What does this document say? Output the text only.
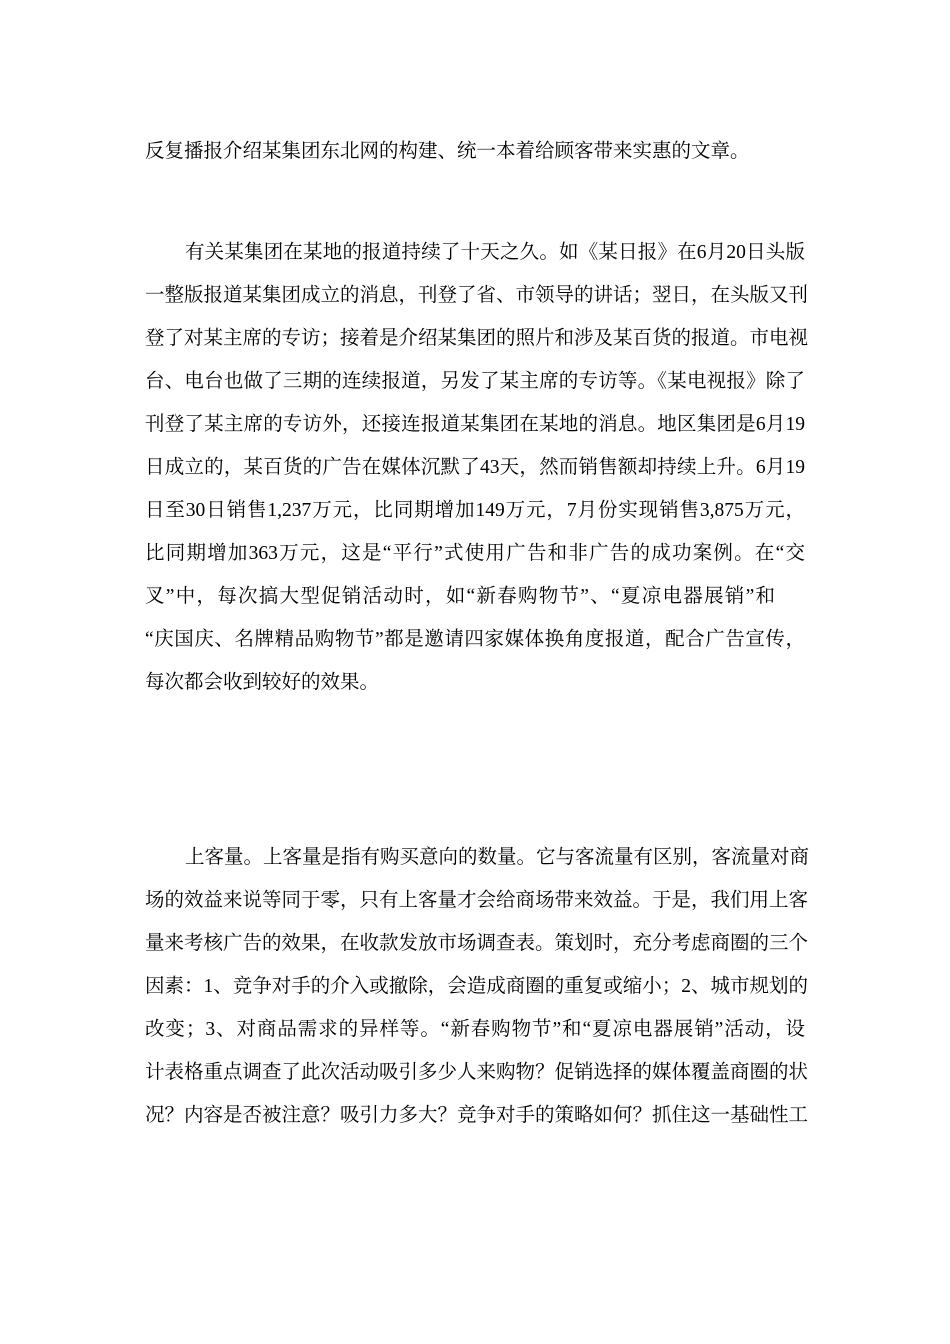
反复播报介绍某集团东北网的构建、统一本着给顾客带来实惠的文章。
有关某集团在某地的报道持续了十天之久。如《某日报》在6月20日头版
一整版报道某集团成立的消息，刊登了省、市领导的讲话；翌日，在头版又刊
登了对某主席的专访；接着是介绍某集团的照片和涉及某百货的报道。市电视
台、电台也做了三期的连续报道，另发了某主席的专访等。《某电视报》除了
刊登了某主席的专访外，还接连报道某集团在某地的消息。地区集团是6月19
日成立的，某百货的广告在媒体沉默了43天，然而销售额却持续上升。6月19
日至30日销售1,237万元，比同期增加149万元，7月份实现销售3,875万元，
比同期增加363万元，这是“平行”式使用广告和非广告的成功案例。在“交
叉”中，每次搞大型促销活动时，如“新春购物节”、“夏凉电器展销”和
“庆国庆、名牌精品购物节”都是邀请四家媒体换角度报道，配合广告宣传，
每次都会收到较好的效果。
上客量。上客量是指有购买意向的数量。它与客流量有区别，客流量对商
场的效益来说等同于零，只有上客量才会给商场带来效益。于是，我们用上客
量来考核广告的效果，在收款发放市场调查表。策划时，充分考虑商圈的三个
因素：1、竞争对手的介入或撤除，会造成商圈的重复或缩小；2、城市规划的
改变；3、对商品需求的异样等。“新春购物节”和“夏凉电器展销”活动，设
计表格重点调查了此次活动吸引多少人来购物？促销选择的媒体覆盖商圈的状
况？内容是否被注意？吸引力多大？竞争对手的策略如何？抓住这一基础性工
